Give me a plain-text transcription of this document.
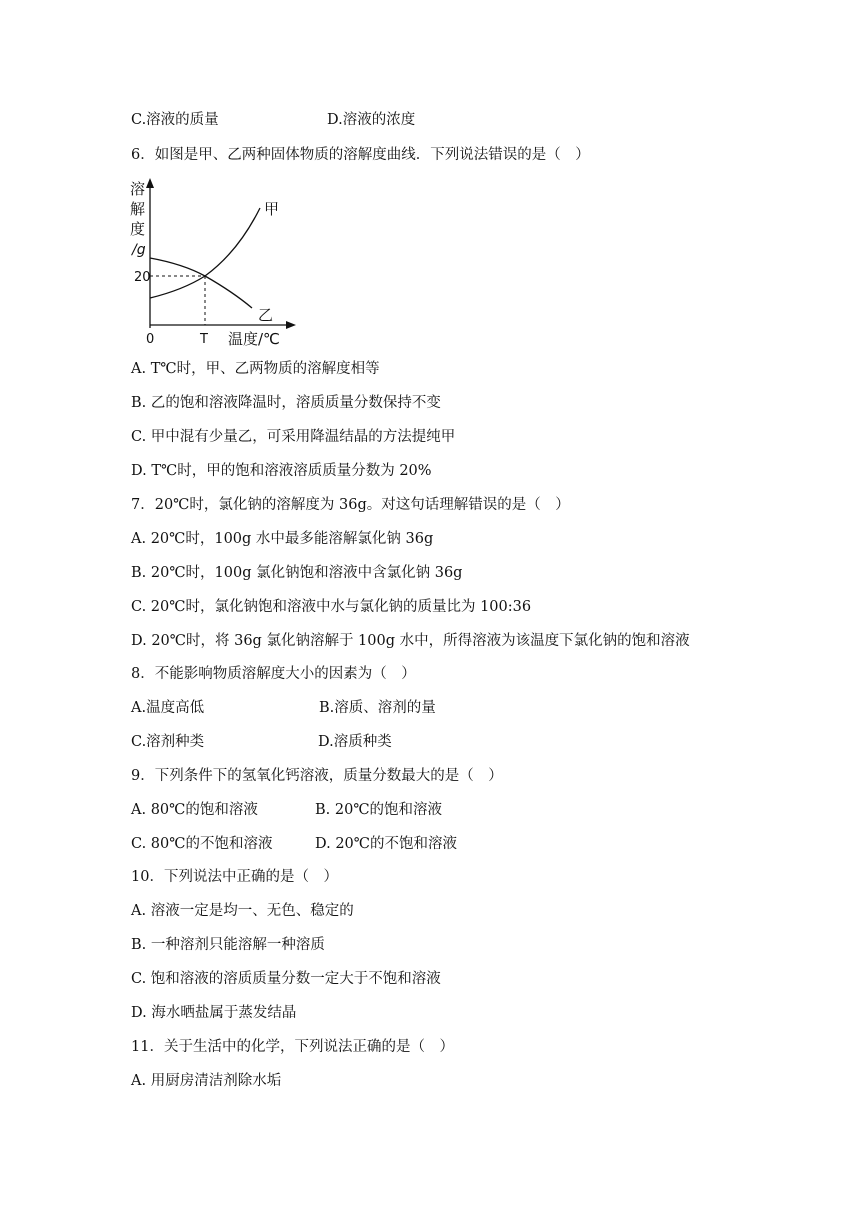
C.溶液的质量	D.溶液的浓度
6．如图是甲、乙两种固体物质的溶解度曲线．下列说法错误的是（　）
溶
解
度
/g
20
0	T 温度/℃
甲
乙
A. T℃时，甲、乙两物质的溶解度相等
B. 乙的饱和溶液降温时，溶质质量分数保持不变
C. 甲中混有少量乙，可采用降温结晶的方法提纯甲
D. T℃时，甲的饱和溶液溶质质量分数为 20%
7．20℃时，氯化钠的溶解度为 36g。对这句话理解错误的是（　）
A. 20℃时，100g 水中最多能溶解氯化钠 36g
B. 20℃时，100g 氯化钠饱和溶液中含氯化钠 36g
C. 20℃时，氯化钠饱和溶液中水与氯化钠的质量比为 100:36
D. 20℃时，将 36g 氯化钠溶解于 100g 水中，所得溶液为该温度下氯化钠的饱和溶液
8．不能影响物质溶解度大小的因素为（　）
A.温度高低	B.溶质、溶剂的量
C.溶剂种类	D.溶质种类
9．下列条件下的氢氧化钙溶液，质量分数最大的是（　）
A. 80℃的饱和溶液	B. 20℃的饱和溶液
C. 80℃的不饱和溶液	D. 20℃的不饱和溶液
10．下列说法中正确的是（　）
A. 溶液一定是均一、无色、稳定的
B. 一种溶剂只能溶解一种溶质
C. 饱和溶液的溶质质量分数一定大于不饱和溶液
D. 海水晒盐属于蒸发结晶
11．关于生活中的化学，下列说法正确的是（　）
A. 用厨房清洁剂除水垢
